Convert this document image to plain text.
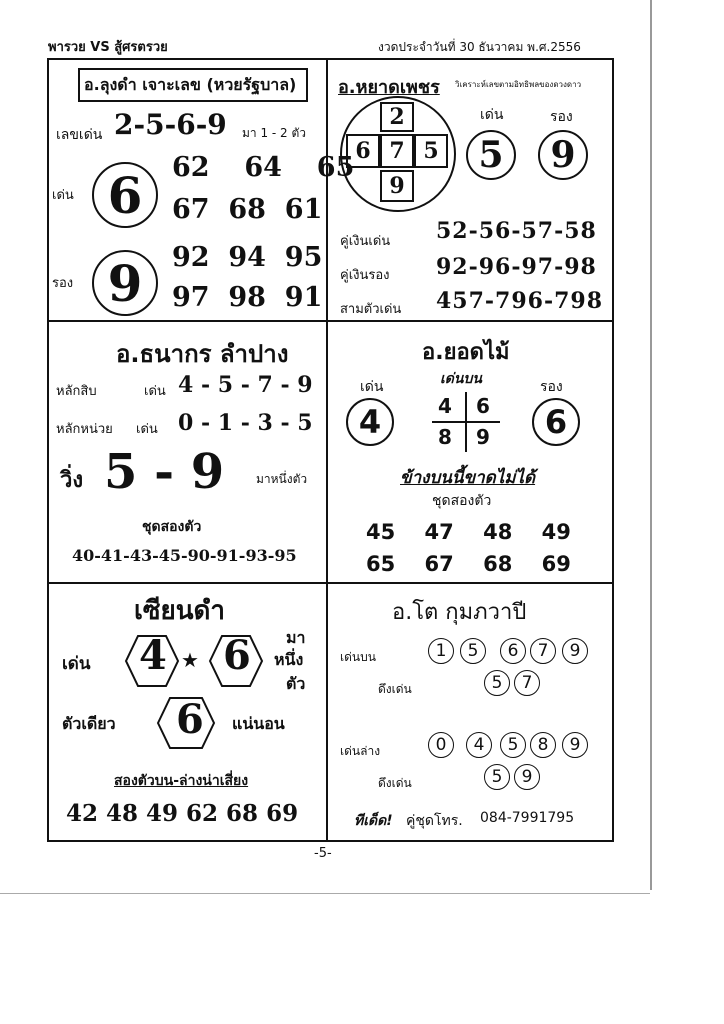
พารวย VS สู้ศรตรวย	งวดประจำวันที่ 30 ธันวาคม พ.ศ.2556
อ.ลุงดำ เจาะเลข (หวยรัฐบาล)
เลขเด่น 2-5-6-9 มา 1 - 2 ตัว
เด่น 6	62 64 65
67 68 61
รอง 9	92 94 95
97 98 91
อ.หยาดเพชร วิเคราะห์เลขตามอิทธิพลของดวงดาว
2
6 7 5
9
เด่น	รอง
5	9
คู่เงินเด่น 52-56-57-58
คู่เงินรอง 92-96-97-98
สามตัวเด่น 457-796-798
อ.ธนากร ลำปาง
หลักสิบ	เด่น 4 - 5 - 7 - 9
หลักหน่วย เด่น 0 - 1 - 3 - 5
วิ่ง 5 - 9	มาหนึ่งตัว
ชุดสองตัว
40-41-43-45-90-91-93-95
อ.ยอดไม้
เด่น	เด่นบน	รอง
4	6
4 6
8 9
ข้างบนนี้ขาดไม่ได้
ชุดสองตัว
45 47 48 49
65 67 68 69
เซียนดำ
เด่น 4 ★ 6 มา
หนึ่ง
ตัว
ตัวเดียว 6 แน่นอน
สองตัวบน-ล่างน่าเสี่ยง
42 48 49 62 68 69
อ.โต กุมภวาปี
เด่นบน	1	5	6	7	9
ดึงเด่น	5	7
เด่นล่าง	0	4	5	8	9
ดึงเด่น	5	9
ทีเด็ด! คู่ชุดโทร. 084-7991795
-5-
